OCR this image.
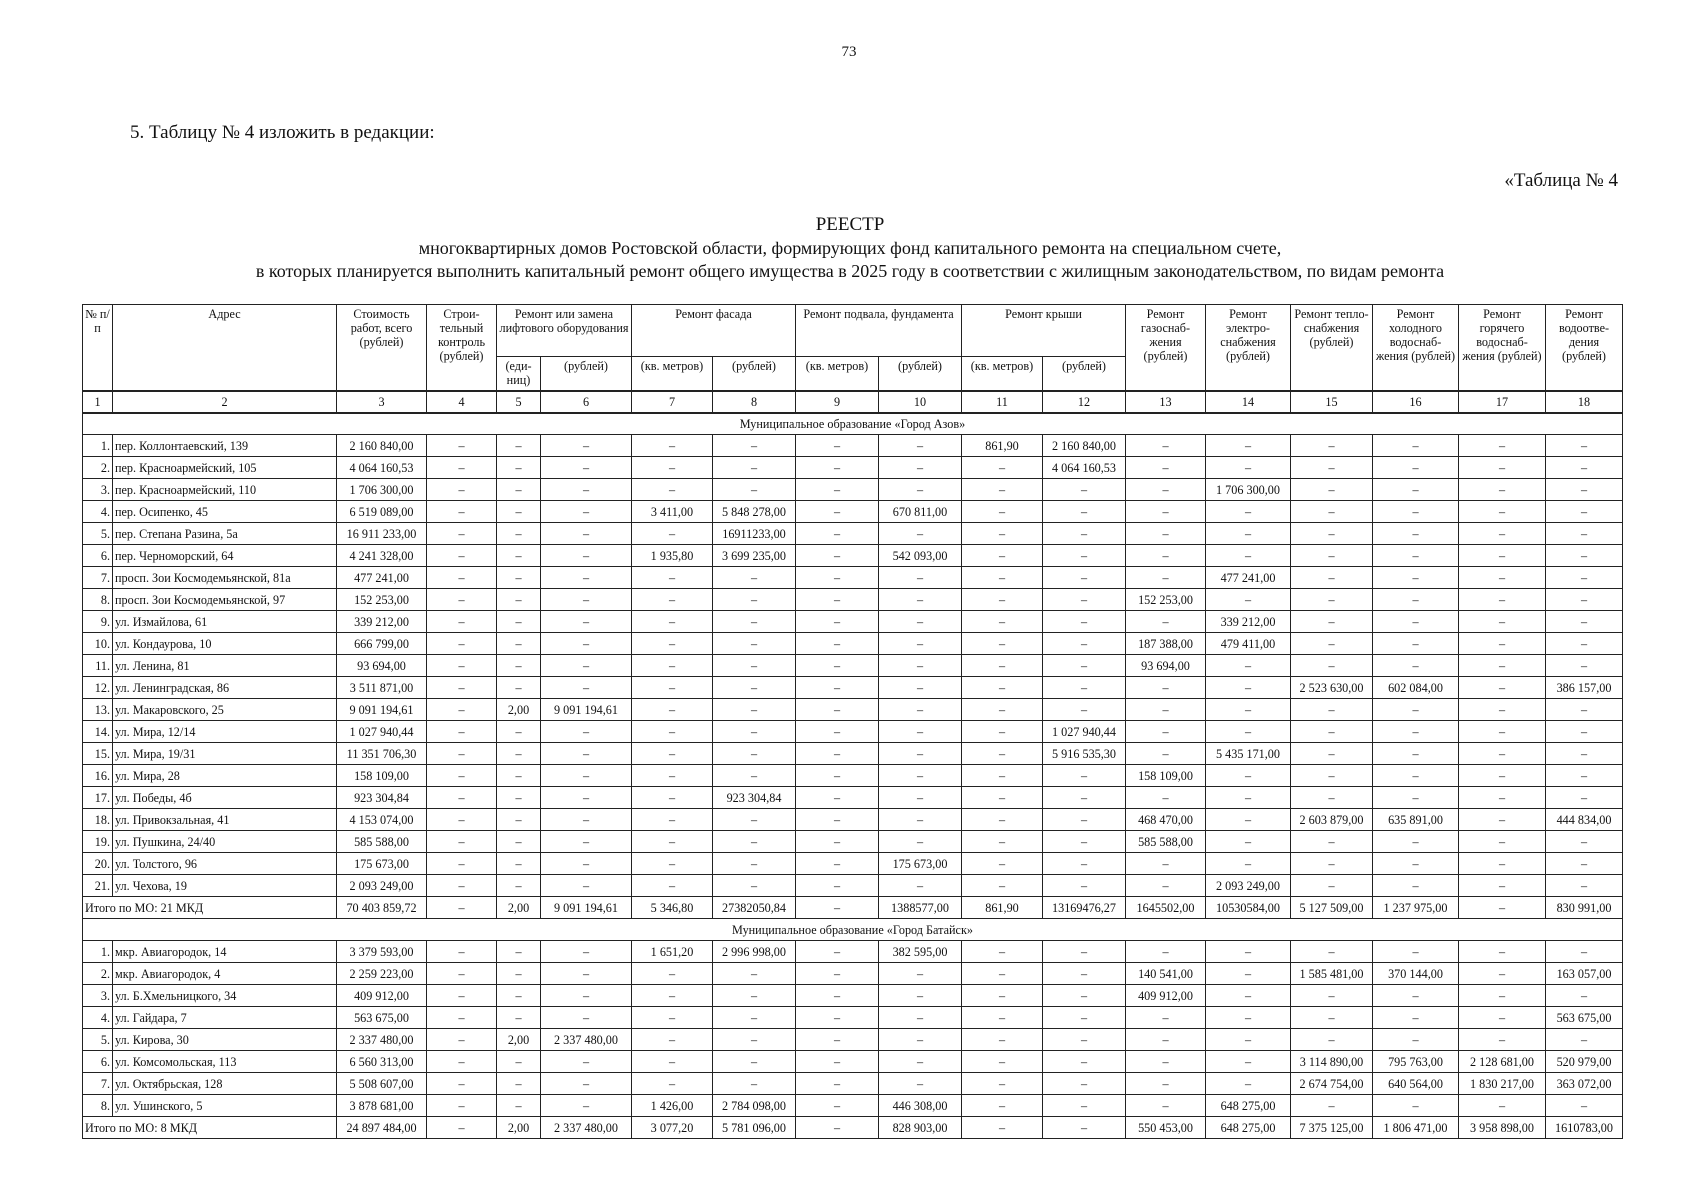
73
5. Таблицу № 4 изложить в редакции:
«Таблица № 4
РЕЕСТР
многоквартирных домов Ростовской области, формирующих фонд капитального ремонта на специальном счете,
в которых планируется выполнить капитальный ремонт общего имущества в 2025 году в соответствии с жилищным законодательством, по видам ремонта
№ п/п	Адрес	Стоимость работ, всего (рублей)	Строи-тельный контроль (рублей)	Ремонт или замена лифтового оборудования		Ремонт фасада		Ремонт подвала, фундамента		Ремонт крыши		Ремонт газоснаб-жения (рублей)	Ремонт электро-снабжения (рублей)	Ремонт тепло-снабжения (рублей)	Ремонт холодного водоснаб-жения (рублей)	Ремонт горячего водоснаб-жения (рублей)	Ремонт водоотве-дения (рублей)
				(еди-ниц)	(рублей)	(кв. метров)	(рублей)	(кв. метров)	(рублей)	(кв. метров)	(рублей)						
1	2	3	4	5	6	7	8	9	10	11	12	13	14	15	16	17	18
Муниципальное образование «Город Азов»																	
1.	пер. Коллонтаевский, 139	2 160 840,00	–	–	–	–	–	–	–	861,90	2 160 840,00	–	–	–	–	–	–
2.	пер. Красноармейский, 105	4 064 160,53	–	–	–	–	–	–	–	–	4 064 160,53	–	–	–	–	–	–
3.	пер. Красноармейский, 110	1 706 300,00	–	–	–	–	–	–	–	–	–	–	1 706 300,00	–	–	–	–
4.	пер. Осипенко, 45	6 519 089,00	–	–	–	3 411,00	5 848 278,00	–	670 811,00	–	–	–	–	–	–	–	–
5.	пер. Степана Разина, 5а	16 911 233,00	–	–	–	–	16911233,00	–	–	–	–	–	–	–	–	–	–
6.	пер. Черноморский, 64	4 241 328,00	–	–	–	1 935,80	3 699 235,00	–	542 093,00	–	–	–	–	–	–	–	–
7.	просп. Зои Космодемьянской, 81а	477 241,00	–	–	–	–	–	–	–	–	–	–	477 241,00	–	–	–	–
8.	просп. Зои Космодемьянской, 97	152 253,00	–	–	–	–	–	–	–	–	–	152 253,00	–	–	–	–	–
9.	ул. Измайлова, 61	339 212,00	–	–	–	–	–	–	–	–	–	–	339 212,00	–	–	–	–
10.	ул. Кондаурова, 10	666 799,00	–	–	–	–	–	–	–	–	–	187 388,00	479 411,00	–	–	–	–
11.	ул. Ленина, 81	93 694,00	–	–	–	–	–	–	–	–	–	93 694,00	–	–	–	–	–
12.	ул. Ленинградская, 86	3 511 871,00	–	–	–	–	–	–	–	–	–	–	–	2 523 630,00	602 084,00	–	386 157,00
13.	ул. Макаровского, 25	9 091 194,61	–	2,00	9 091 194,61	–	–	–	–	–	–	–	–	–	–	–	–
14.	ул. Мира, 12/14	1 027 940,44	–	–	–	–	–	–	–	–	1 027 940,44	–	–	–	–	–	–
15.	ул. Мира, 19/31	11 351 706,30	–	–	–	–	–	–	–	–	5 916 535,30	–	5 435 171,00	–	–	–	–
16.	ул. Мира, 28	158 109,00	–	–	–	–	–	–	–	–	–	158 109,00	–	–	–	–	–
17.	ул. Победы, 4б	923 304,84	–	–	–	–	923 304,84	–	–	–	–	–	–	–	–	–	–
18.	ул. Привокзальная, 41	4 153 074,00	–	–	–	–	–	–	–	–	–	468 470,00	–	2 603 879,00	635 891,00	–	444 834,00
19.	ул. Пушкина, 24/40	585 588,00	–	–	–	–	–	–	–	–	–	585 588,00	–	–	–	–	–
20.	ул. Толстого, 96	175 673,00	–	–	–	–	–	–	175 673,00	–	–	–	–	–	–	–	–
21.	ул. Чехова, 19	2 093 249,00	–	–	–	–	–	–	–	–	–	–	2 093 249,00	–	–	–	–
Итого по МО: 21 МКД		70 403 859,72	–	2,00	9 091 194,61	5 346,80	27382050,84	–	1388577,00	861,90	13169476,27	1645502,00	10530584,00	5 127 509,00	1 237 975,00	–	830 991,00
Муниципальное образование «Город Батайск»																	
1.	мкр. Авиагородок, 14	3 379 593,00	–	–	–	1 651,20	2 996 998,00	–	382 595,00	–	–	–	–	–	–	–	–
2.	мкр. Авиагородок, 4	2 259 223,00	–	–	–	–	–	–	–	–	–	140 541,00	–	1 585 481,00	370 144,00	–	163 057,00
3.	ул. Б.Хмельницкого, 34	409 912,00	–	–	–	–	–	–	–	–	–	409 912,00	–	–	–	–	–
4.	ул. Гайдара, 7	563 675,00	–	–	–	–	–	–	–	–	–	–	–	–	–	–	563 675,00
5.	ул. Кирова, 30	2 337 480,00	–	2,00	2 337 480,00	–	–	–	–	–	–	–	–	–	–	–	–
6.	ул. Комсомольская, 113	6 560 313,00	–	–	–	–	–	–	–	–	–	–	–	3 114 890,00	795 763,00	2 128 681,00	520 979,00
7.	ул. Октябрьская, 128	5 508 607,00	–	–	–	–	–	–	–	–	–	–	–	2 674 754,00	640 564,00	1 830 217,00	363 072,00
8.	ул. Ушинского, 5	3 878 681,00	–	–	–	1 426,00	2 784 098,00	–	446 308,00	–	–	–	648 275,00	–	–	–	–
Итого по МО: 8 МКД		24 897 484,00	–	2,00	2 337 480,00	3 077,20	5 781 096,00	–	828 903,00	–	–	550 453,00	648 275,00	7 375 125,00	1 806 471,00	3 958 898,00	1610783,00
